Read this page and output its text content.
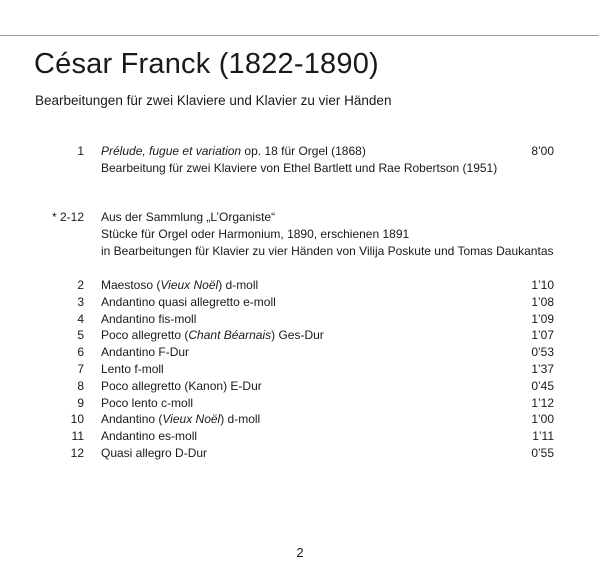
César Franck (1822-1890)
Bearbeitungen für zwei Klaviere und Klavier zu vier Händen
1 Prélude, fugue et variation op. 18 für Orgel (1868)	8’00
Bearbeitung für zwei Klaviere von Ethel Bartlett und Rae Robertson (1951)
* 2-12 Aus der Sammlung „L’Organiste“
Stücke für Orgel oder Harmonium, 1890, erschienen 1891
in Bearbeitungen für Klavier zu vier Händen von Vilija Poskute und Tomas Daukantas
2 Maestoso (Vieux Noël) d-moll	1’10
3 Andantino quasi allegretto e-moll	1’08
4 Andantino fis-moll	1’09
5 Poco allegretto (Chant Béarnais) Ges-Dur	1’07
6 Andantino F-Dur	0’53
7 Lento f-moll	1’37
8 Poco allegretto (Kanon) E-Dur	0’45
9 Poco lento c-moll	1’12
10 Andantino (Vieux Noël) d-moll	1’00
11 Andantino es-moll	1’11
12 Quasi allegro D-Dur	0’55
2
